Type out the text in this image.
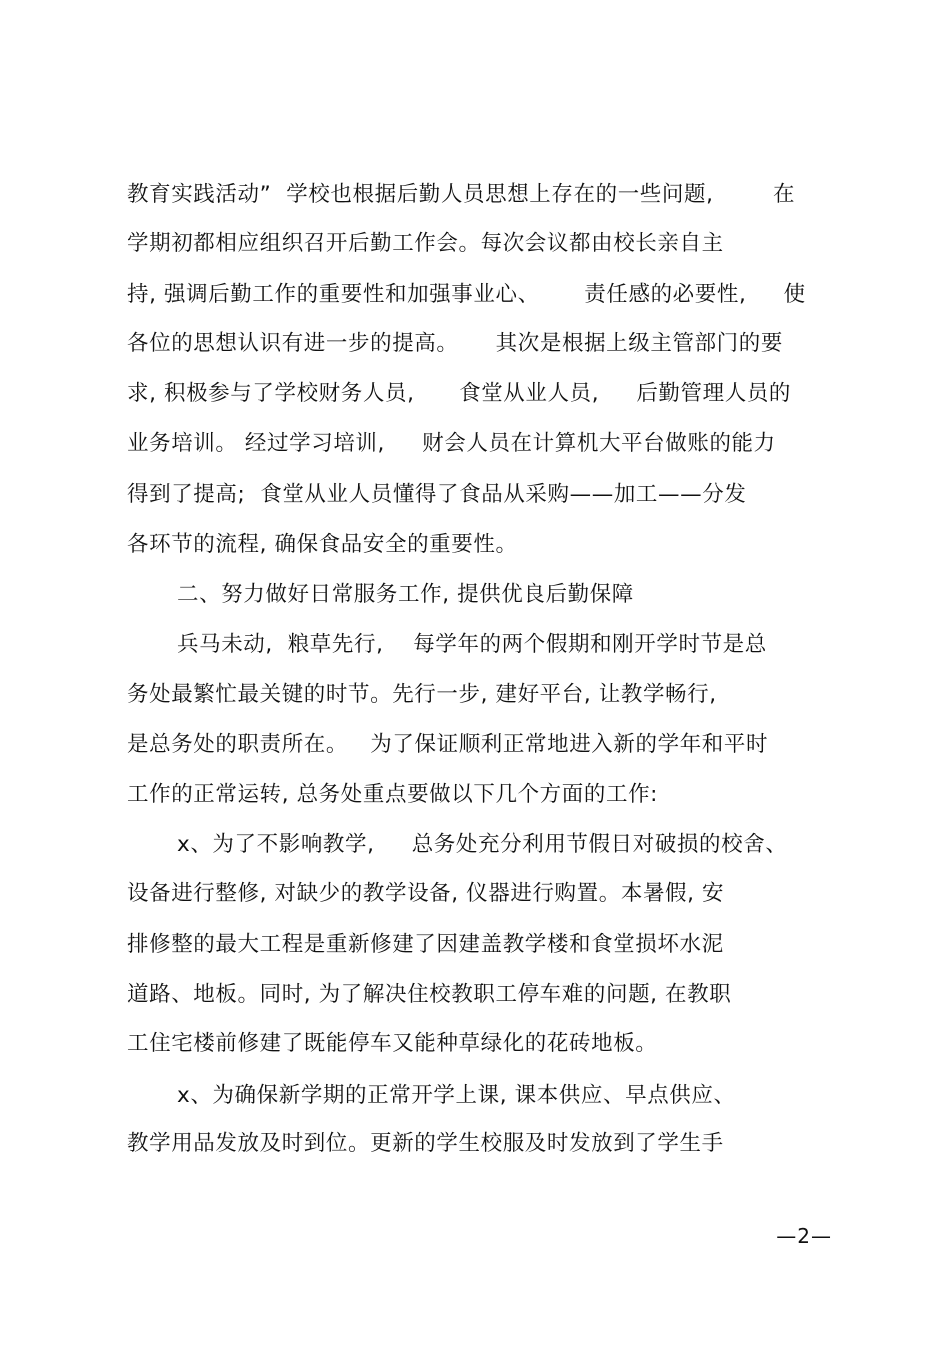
教育实践活动”  学校也根据后勤人员思想上存在的一些问题,        在
学期初都相应组织召开后勤工作会。每次会议都由校长亲自主
持, 强调后勤工作的重要性和加强事业心、      责任感的必要性,     使
各位的思想认识有进一步的提高。     其次是根据上级主管部门的要
求, 积极参与了学校财务人员,      食堂从业人员,     后勤管理人员的
业务培训。 经过学习培训,     财会人员在计算机大平台做账的能力
得到了提高;  食堂从业人员懂得了食品从采购——加工——分发
各环节的流程, 确保食品安全的重要性。
二、努力做好日常服务工作, 提供优良后勤保障
兵马未动,  粮草先行,    每学年的两个假期和刚开学时节是总
务处最繁忙最关键的时节。先行一步, 建好平台, 让教学畅行,
是总务处的职责所在。   为了保证顺利正常地进入新的学年和平时
工作的正常运转, 总务处重点要做以下几个方面的工作:
x、为了不影响教学,     总务处充分利用节假日对破损的校舍、
设备进行整修, 对缺少的教学设备, 仪器进行购置。本暑假, 安
排修整的最大工程是重新修建了因建盖教学楼和食堂损坏水泥
道路、地板。同时, 为了解决住校教职工停车难的问题, 在教职
工住宅楼前修建了既能停车又能种草绿化的花砖地板。
x、为确保新学期的正常开学上课, 课本供应、早点供应、
教学用品发放及时到位。更新的学生校服及时发放到了学生手
—2—
